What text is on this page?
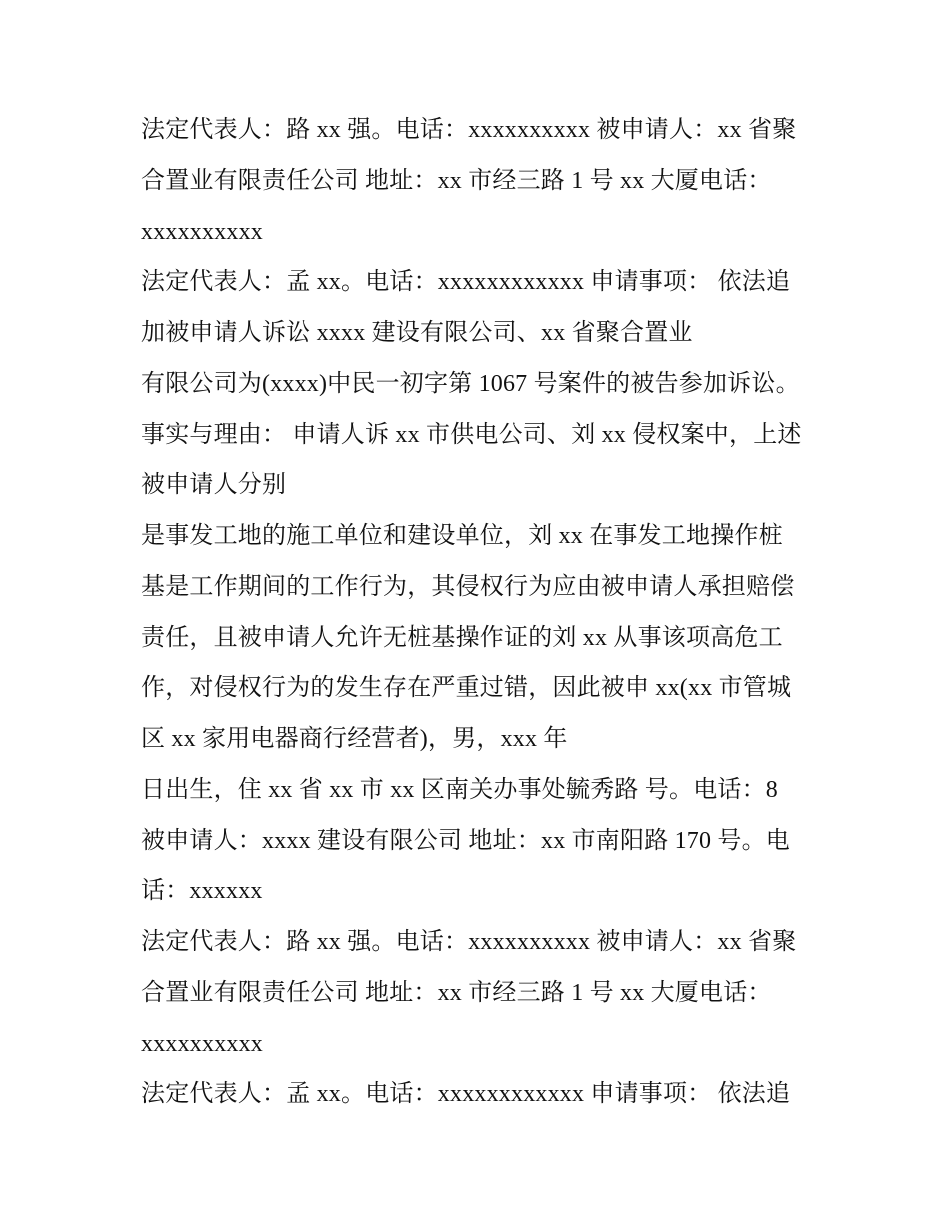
法定代表人：路 xx 强。电话：xxxxxxxxxx 被申请人：xx 省聚
合置业有限责任公司 地址：xx 市经三路 1 号 xx 大厦电话：
xxxxxxxxxx
法定代表人：孟 xx。电话：xxxxxxxxxxxx 申请事项： 依法追
加被申请人诉讼 xxxx 建设有限公司、xx 省聚合置业
有限公司为(xxxx)中民一初字第 1067 号案件的被告参加诉讼。
事实与理由： 申请人诉 xx 市供电公司、刘 xx 侵权案中，上述
被申请人分别
是事发工地的施工单位和建设单位，刘 xx 在事发工地操作桩
基是工作期间的工作行为，其侵权行为应由被申请人承担赔偿
责任，且被申请人允许无桩基操作证的刘 xx 从事该项高危工
作，对侵权行为的发生存在严重过错，因此被申 xx(xx 市管城
区 xx 家用电器商行经营者)，男，xxx 年
日出生，住 xx 省 xx 市 xx 区南关办事处毓秀路 号。电话：8
被申请人：xxxx 建设有限公司 地址：xx 市南阳路 170 号。电
话：xxxxxx
法定代表人：路 xx 强。电话：xxxxxxxxxx 被申请人：xx 省聚
合置业有限责任公司 地址：xx 市经三路 1 号 xx 大厦电话：
xxxxxxxxxx
法定代表人：孟 xx。电话：xxxxxxxxxxxx 申请事项： 依法追
